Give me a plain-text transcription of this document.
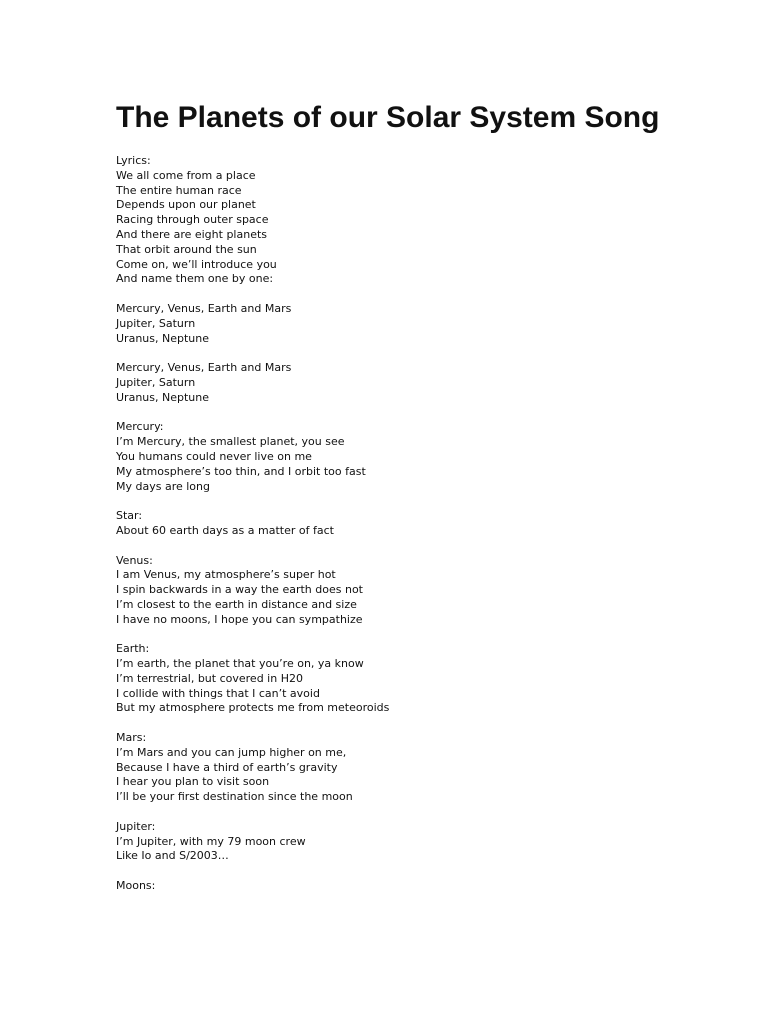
The Planets of our Solar System Song
Lyrics:
We all come from a place
The entire human race
Depends upon our planet
Racing through outer space
And there are eight planets
That orbit around the sun
Come on, we’ll introduce you
And name them one by one:
Mercury, Venus, Earth and Mars
Jupiter, Saturn
Uranus, Neptune
Mercury, Venus, Earth and Mars
Jupiter, Saturn
Uranus, Neptune
Mercury:
I’m Mercury, the smallest planet, you see
You humans could never live on me
My atmosphere’s too thin, and I orbit too fast
My days are long
Star:
About 60 earth days as a matter of fact
Venus:
I am Venus, my atmosphere’s super hot
I spin backwards in a way the earth does not
I’m closest to the earth in distance and size
I have no moons, I hope you can sympathize
Earth:
I’m earth, the planet that you’re on, ya know
I’m terrestrial, but covered in H20
I collide with things that I can’t avoid
But my atmosphere protects me from meteoroids
Mars:
I’m Mars and you can jump higher on me,
Because I have a third of earth’s gravity
I hear you plan to visit soon
I’ll be your first destination since the moon
Jupiter:
I’m Jupiter, with my 79 moon crew
Like Io and S/2003…
Moons:
